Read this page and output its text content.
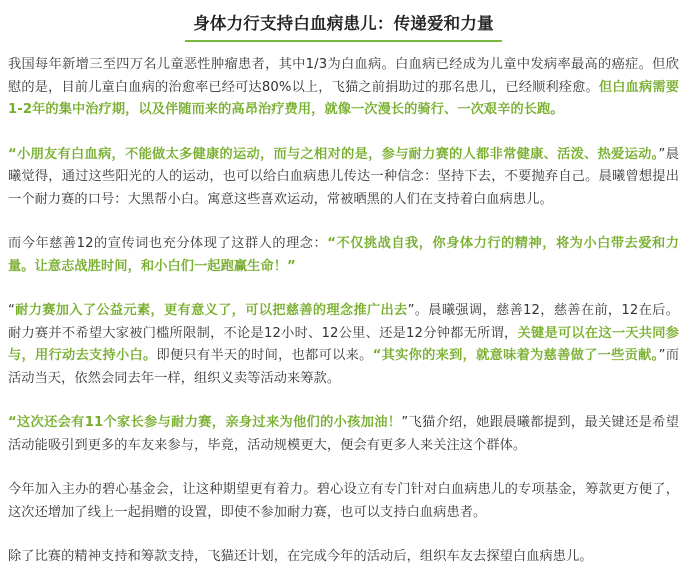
身体力行支持白血病患儿：传递爱和力量

我国每年新增三至四万名儿童恶性肿瘤患者，其中1/3为白血病。白血病已经成为儿童中发病率最高的癌症。但欣慰的是，目前儿童白血病的治愈率已经可达80%以上，飞猫之前捐助过的那名患儿，已经顺利痊愈。但白血病需要1-2年的集中治疗期，以及伴随而来的高昂治疗费用，就像一次漫长的骑行、一次艰辛的长跑。

“小朋友有白血病，不能做太多健康的运动，而与之相对的是，参与耐力赛的人都非常健康、活泼、热爱运动。”晨曦觉得，通过这些阳光的人的运动，也可以给白血病患儿传达一种信念：坚持下去，不要抛弃自己。晨曦曾想提出一个耐力赛的口号：大黑帮小白。寓意这些喜欢运动，常被晒黑的人们在支持着白血病患儿。

而今年慈善12的宣传词也充分体现了这群人的理念：“不仅挑战自我，你身体力行的精神，将为小白带去爱和力量。让意志战胜时间，和小白们一起跑赢生命！”

“耐力赛加入了公益元素，更有意义了，可以把慈善的理念推广出去”。晨曦强调，慈善12，慈善在前，12在后。耐力赛并不希望大家被门槛所限制，不论是12小时、12公里、还是12分钟都无所谓，关键是可以在这一天共同参与，用行动去支持小白。即便只有半天的时间，也都可以来。“其实你的来到，就意味着为慈善做了一些贡献。”而活动当天，依然会同去年一样，组织义卖等活动来筹款。

“这次还会有11个家长参与耐力赛，亲身过来为他们的小孩加油！”飞猫介绍，她跟晨曦都提到，最关键还是希望活动能吸引到更多的车友来参与，毕竟，活动规模更大，便会有更多人来关注这个群体。

今年加入主办的碧心基金会，让这种期望更有着力。碧心设立有专门针对白血病患儿的专项基金，筹款更方便了，这次还增加了线上一起捐赠的设置，即使不参加耐力赛，也可以支持白血病患者。

除了比赛的精神支持和筹款支持，飞猫还计划，在完成今年的活动后，组织车友去探望白血病患儿。
